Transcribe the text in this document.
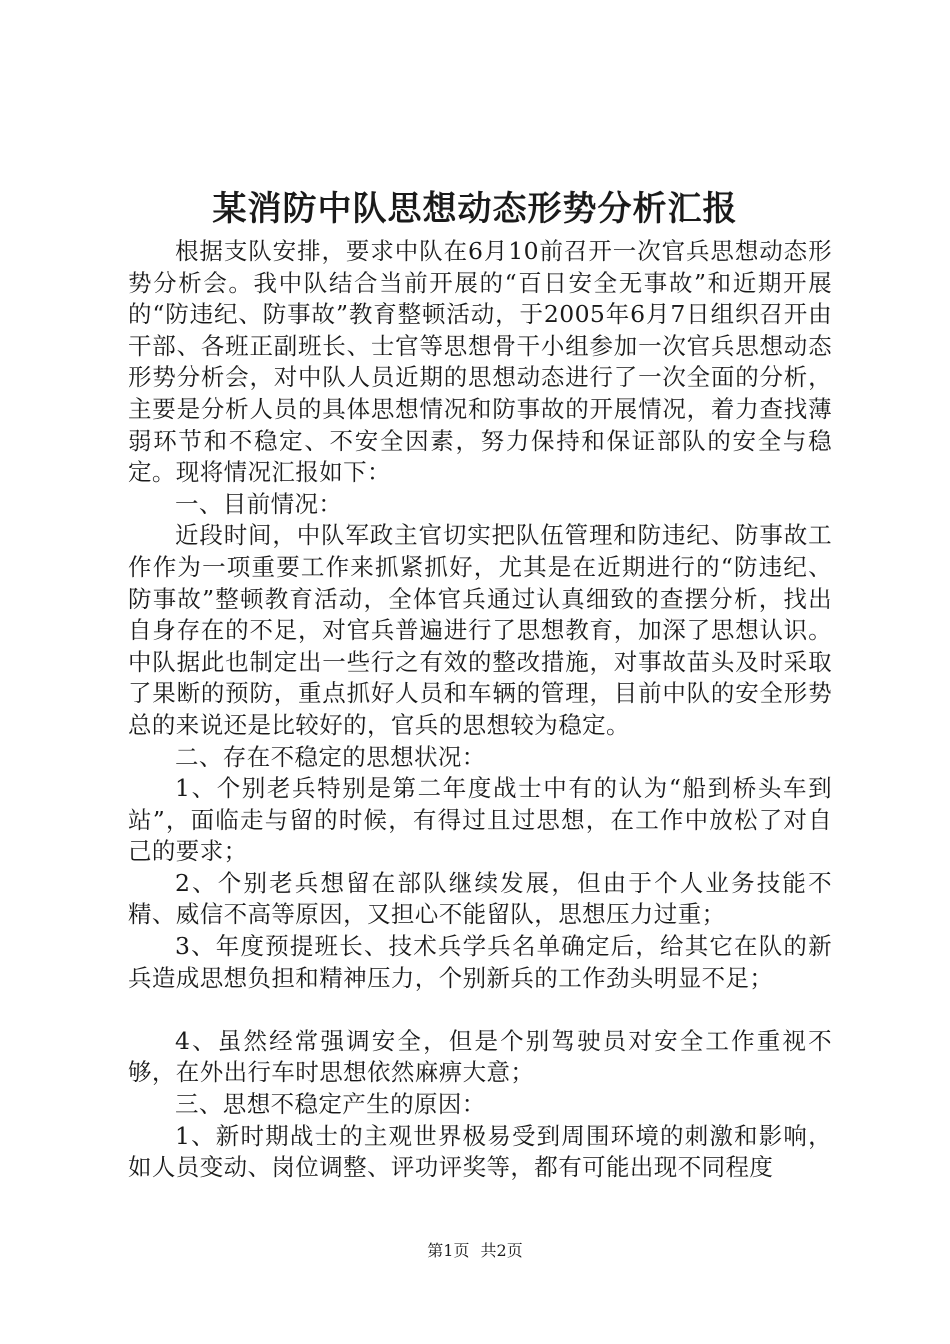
某消防中队思想动态形势分析汇报

根据支队安排，要求中队在6月10前召开一次官兵思想动态形势分析会。我中队结合当前开展的“百日安全无事故”和近期开展的“防违纪、防事故”教育整顿活动，于2005年6月7日组织召开由干部、各班正副班长、士官等思想骨干小组参加一次官兵思想动态形势分析会，对中队人员近期的思想动态进行了一次全面的分析，主要是分析人员的具体思想情况和防事故的开展情况，着力查找薄弱环节和不稳定、不安全因素，努力保持和保证部队的安全与稳定。现将情况汇报如下：

一、目前情况：

近段时间，中队军政主官切实把队伍管理和防违纪、防事故工作作为一项重要工作来抓紧抓好，尤其是在近期进行的“防违纪、防事故”整顿教育活动，全体官兵通过认真细致的查摆分析，找出自身存在的不足，对官兵普遍进行了思想教育，加深了思想认识。中队据此也制定出一些行之有效的整改措施，对事故苗头及时采取了果断的预防，重点抓好人员和车辆的管理，目前中队的安全形势总的来说还是比较好的，官兵的思想较为稳定。

二、存在不稳定的思想状况：

1、个别老兵特别是第二年度战士中有的认为“船到桥头车到站”，面临走与留的时候，有得过且过思想，在工作中放松了对自己的要求；

2、个别老兵想留在部队继续发展，但由于个人业务技能不精、威信不高等原因，又担心不能留队，思想压力过重；

3、年度预提班长、技术兵学兵名单确定后，给其它在队的新兵造成思想负担和精神压力，个别新兵的工作劲头明显不足；

4、虽然经常强调安全，但是个别驾驶员对安全工作重视不够，在外出行车时思想依然麻痹大意；

三、思想不稳定产生的原因：

1、新时期战士的主观世界极易受到周围环境的刺激和影响，如人员变动、岗位调整、评功评奖等，都有可能出现不同程度

第1页 共2页
